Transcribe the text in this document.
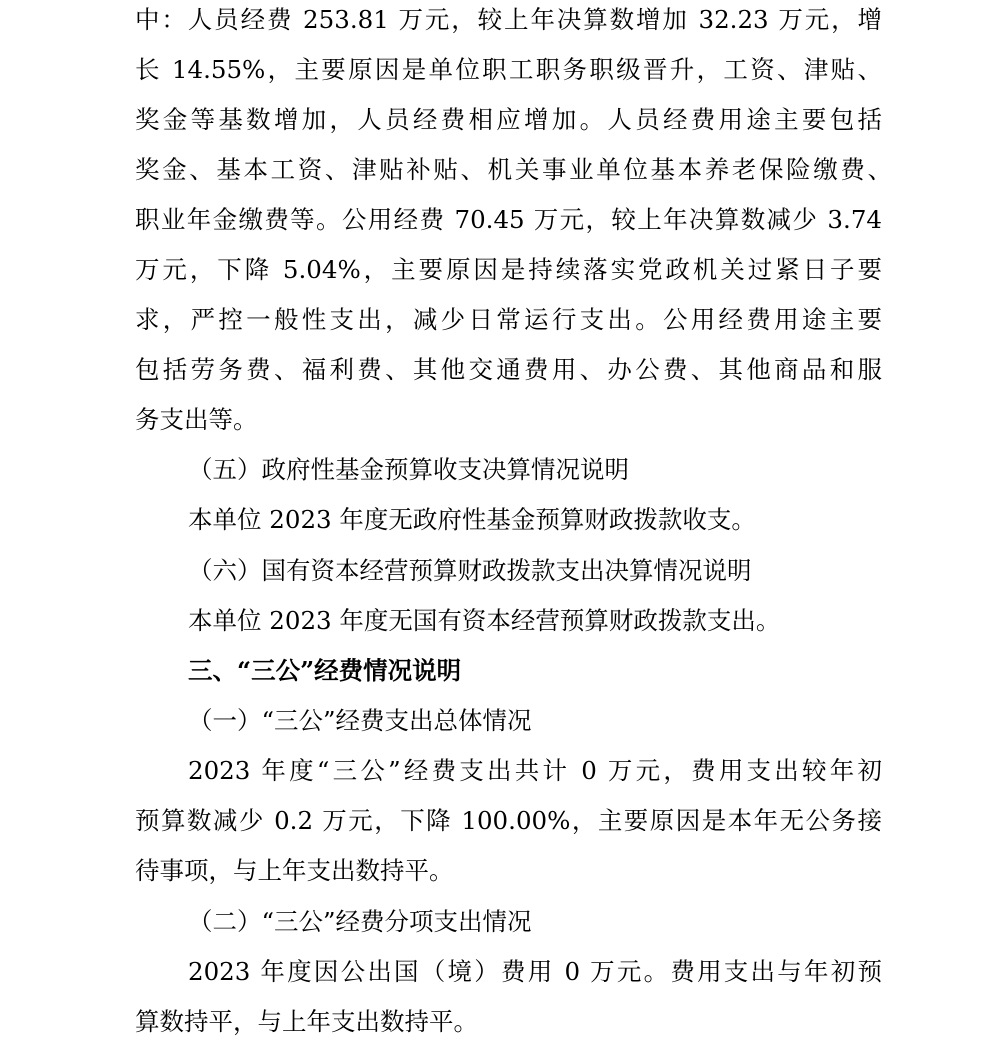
中：人员经费 253.81 万元，较上年决算数增加 32.23 万元，增
长 14.55%，主要原因是单位职工职务职级晋升，工资、津贴、
奖金等基数增加，人员经费相应增加。人员经费用途主要包括
奖金、基本工资、津贴补贴、机关事业单位基本养老保险缴费、
职业年金缴费等。公用经费 70.45 万元，较上年决算数减少 3.74
万元，下降 5.04%，主要原因是持续落实党政机关过紧日子要
求，严控一般性支出，减少日常运行支出。公用经费用途主要
包括劳务费、福利费、其他交通费用、办公费、其他商品和服
务支出等。
（五）政府性基金预算收支决算情况说明
本单位 2023 年度无政府性基金预算财政拨款收支。
（六）国有资本经营预算财政拨款支出决算情况说明
本单位 2023 年度无国有资本经营预算财政拨款支出。
三、“三公”经费情况说明
（一）“三公”经费支出总体情况
2023 年度“三公”经费支出共计 0 万元，费用支出较年初
预算数减少 0.2 万元，下降 100.00%，主要原因是本年无公务接
待事项，与上年支出数持平。
（二）“三公”经费分项支出情况
2023 年度因公出国（境）费用 0 万元。费用支出与年初预
算数持平，与上年支出数持平。
